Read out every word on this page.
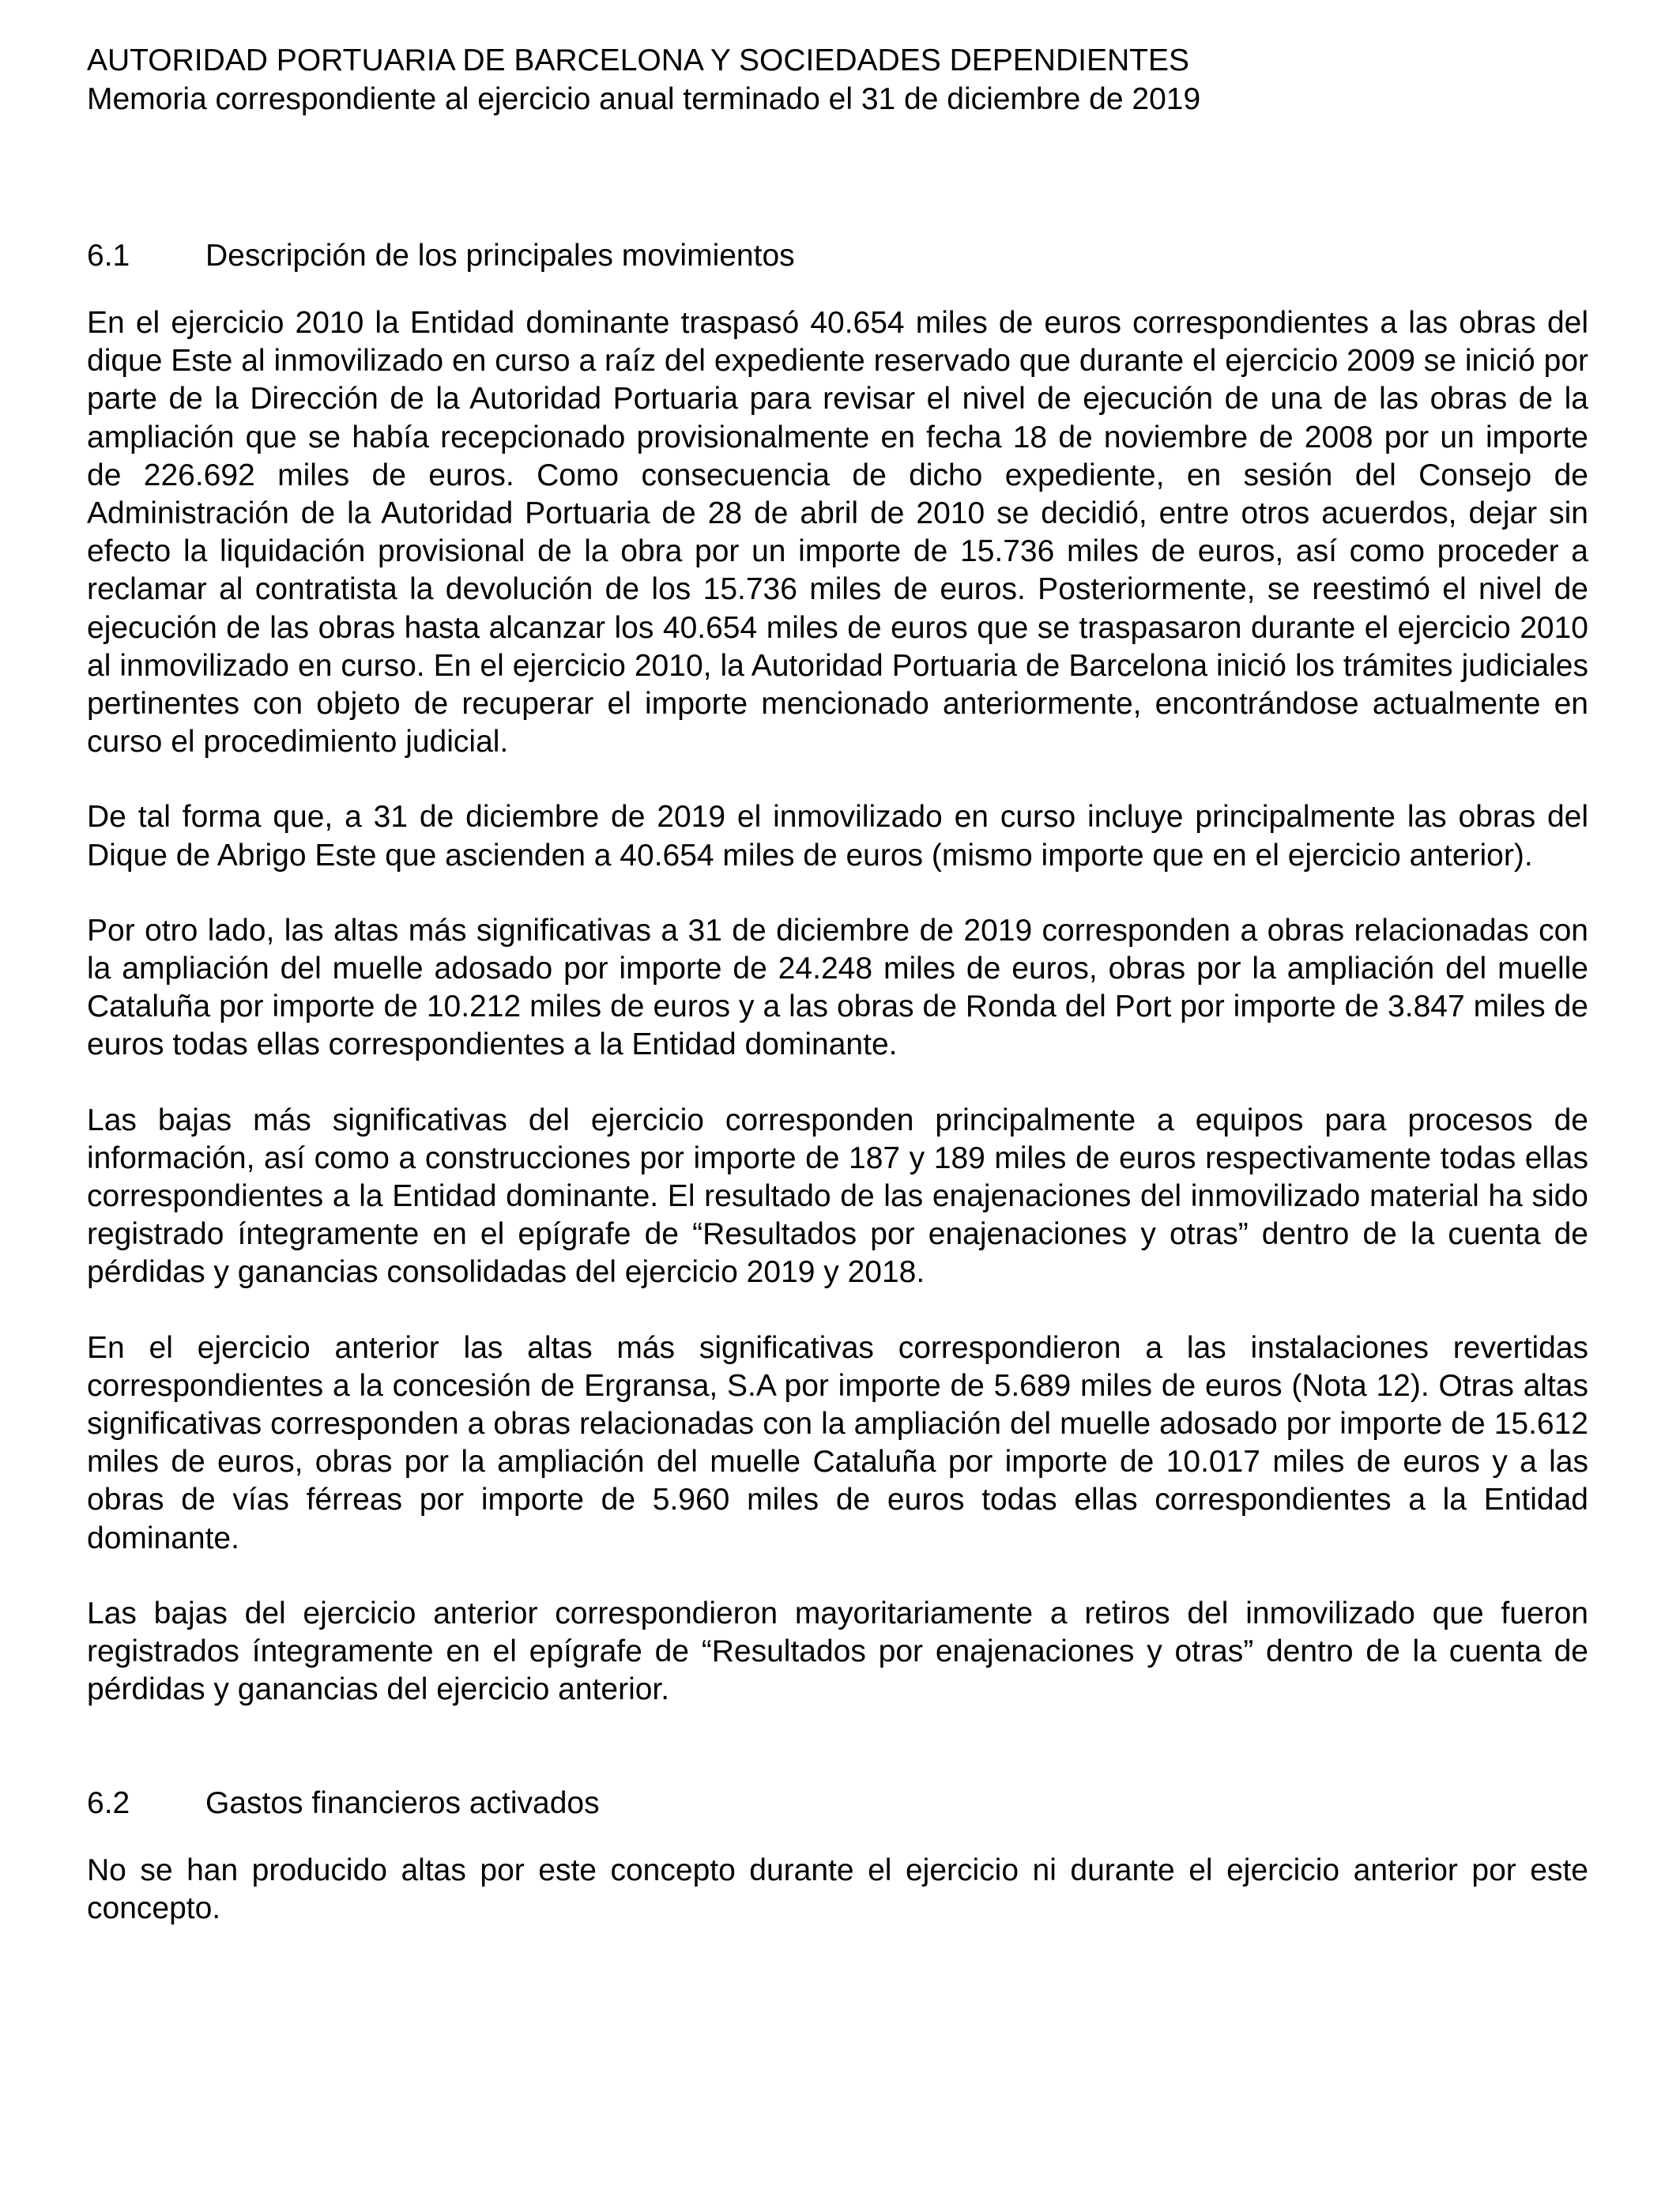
AUTORIDAD PORTUARIA DE BARCELONA Y SOCIEDADES DEPENDIENTES

Memoria correspondiente al ejercicio anual terminado el 31 de diciembre de 2019

6.1	Descripción de los principales movimientos

En el ejercicio 2010 la Entidad dominante traspasó 40.654 miles de euros correspondientes a las obras del dique Este al inmovilizado en curso a raíz del expediente reservado que durante el ejercicio 2009 se inició por parte de la Dirección de la Autoridad Portuaria para revisar el nivel de ejecución de una de las obras de la ampliación que se había recepcionado provisionalmente en fecha 18 de noviembre de 2008 por un importe de 226.692 miles de euros. Como consecuencia de dicho expediente, en sesión del Consejo de Administración de la Autoridad Portuaria de 28 de abril de 2010 se decidió, entre otros acuerdos, dejar sin efecto la liquidación provisional de la obra por un importe de 15.736 miles de euros, así como proceder a reclamar al contratista la devolución de los 15.736 miles de euros. Posteriormente, se reestimó el nivel de ejecución de las obras hasta alcanzar los 40.654 miles de euros que se traspasaron durante el ejercicio 2010 al inmovilizado en curso. En el ejercicio 2010, la Autoridad Portuaria de Barcelona inició los trámites judiciales pertinentes con objeto de recuperar el importe mencionado anteriormente, encontrándose actualmente en curso el procedimiento judicial.

De tal forma que, a 31 de diciembre de 2019 el inmovilizado en curso incluye principalmente las obras del Dique de Abrigo Este que ascienden a 40.654 miles de euros (mismo importe que en el ejercicio anterior).

Por otro lado, las altas más significativas a 31 de diciembre de 2019 corresponden a obras relacionadas con la ampliación del muelle adosado por importe de 24.248 miles de euros, obras por la ampliación del muelle Cataluña por importe de 10.212 miles de euros y a las obras de Ronda del Port por importe de 3.847 miles de euros todas ellas correspondientes a la Entidad dominante.

Las bajas más significativas del ejercicio corresponden principalmente a equipos para procesos de información, así como a construcciones por importe de 187 y 189 miles de euros respectivamente todas ellas correspondientes a la Entidad dominante. El resultado de las enajenaciones del inmovilizado material ha sido registrado íntegramente en el epígrafe de “Resultados por enajenaciones y otras” dentro de la cuenta de pérdidas y ganancias consolidadas del ejercicio 2019 y 2018.

En el ejercicio anterior las altas más significativas correspondieron a las instalaciones revertidas correspondientes a la concesión de Ergransa, S.A por importe de 5.689 miles de euros (Nota 12). Otras altas significativas corresponden a obras relacionadas con la ampliación del muelle adosado por importe de 15.612 miles de euros, obras por la ampliación del muelle Cataluña por importe de 10.017 miles de euros y a las obras de vías férreas por importe de 5.960 miles de euros todas ellas correspondientes a la Entidad dominante.

Las bajas del ejercicio anterior correspondieron mayoritariamente a retiros del inmovilizado que fueron registrados íntegramente en el epígrafe de “Resultados por enajenaciones y otras” dentro de la cuenta de pérdidas y ganancias del ejercicio anterior.

6.2	Gastos financieros activados

No se han producido altas por este concepto durante el ejercicio ni durante el ejercicio anterior por este concepto.
